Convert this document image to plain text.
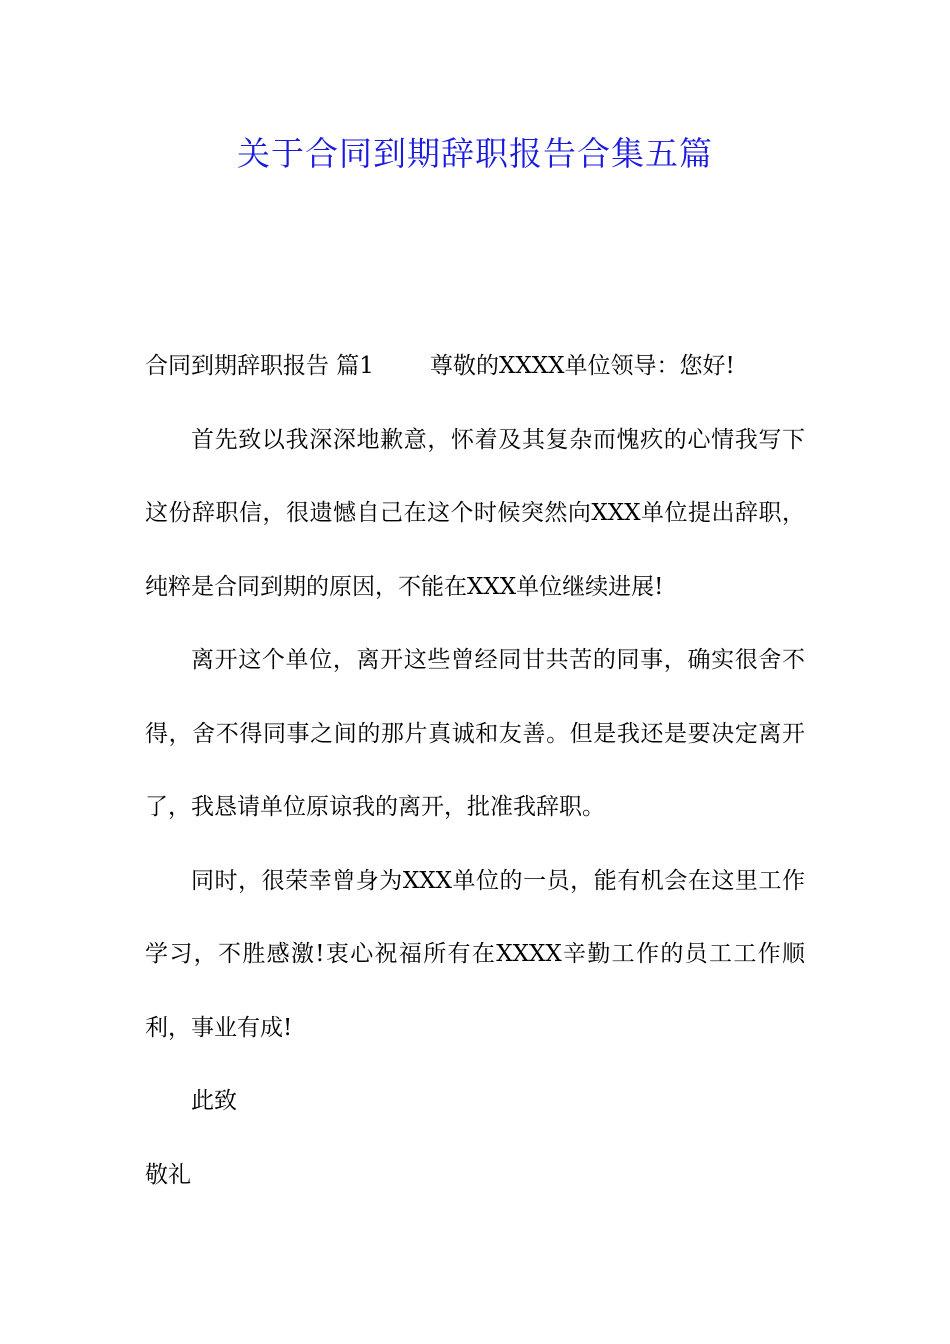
关于合同到期辞职报告合集五篇

合同到期辞职报告 篇1 尊敬的XXXX单位领导：您好!

首先致以我深深地歉意，怀着及其复杂而愧疚的心情我写下这份辞职信，很遗憾自己在这个时候突然向XXX单位提出辞职，纯粹是合同到期的原因，不能在XXX单位继续进展!

离开这个单位，离开这些曾经同甘共苦的同事，确实很舍不得，舍不得同事之间的那片真诚和友善。但是我还是要决定离开了，我恳请单位原谅我的离开，批准我辞职。

同时，很荣幸曾身为XXX单位的一员，能有机会在这里工作学习，不胜感激!衷心祝福所有在XXXX辛勤工作的员工工作顺利，事业有成!

此致

敬礼
